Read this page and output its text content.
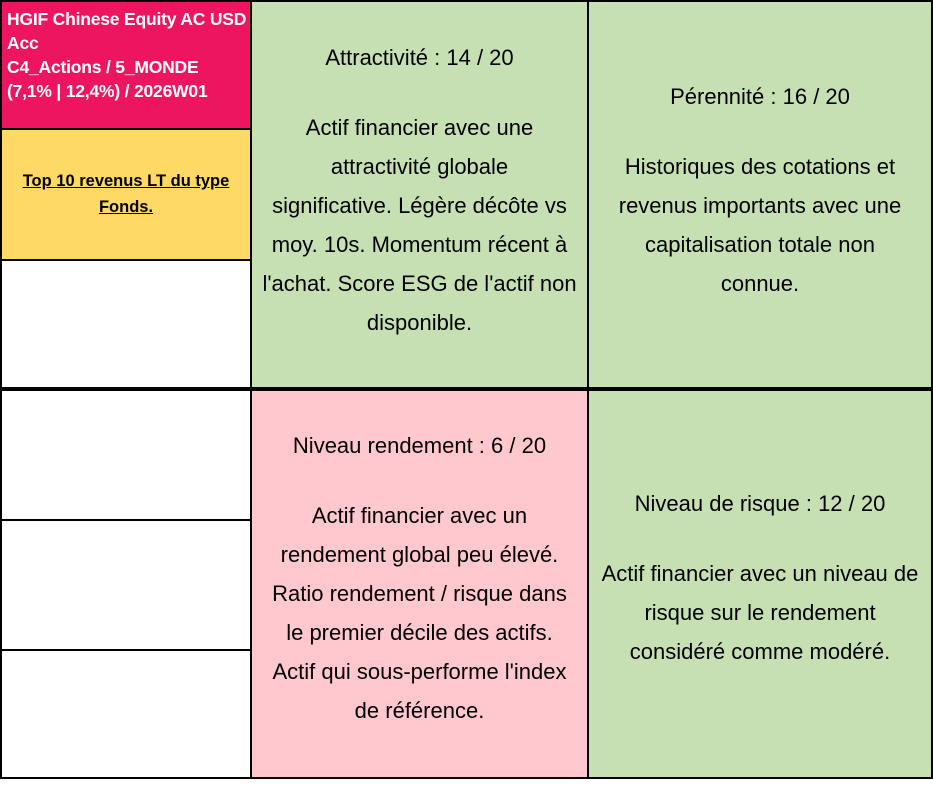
HGIF Chinese Equity AC USD
Acc
C4_Actions / 5_MONDE
(7,1% | 12,4%) / 2026W01
Top 10 revenus LT du type
Fonds.
Attractivité : 14 / 20
Actif financier avec une
attractivité globale
significative. Légère décôte vs
moy. 10s. Momentum récent à
l'achat. Score ESG de l'actif non
disponible.
Pérennité : 16 / 20
Historiques des cotations et
revenus importants avec une
capitalisation totale non
connue.
Niveau rendement : 6 / 20
Actif financier avec un
rendement global peu élevé.
Ratio rendement / risque dans
le premier décile des actifs.
Actif qui sous-performe l'index
de référence.
Niveau de risque : 12 / 20
Actif financier avec un niveau de
risque sur le rendement
considéré comme modéré.
